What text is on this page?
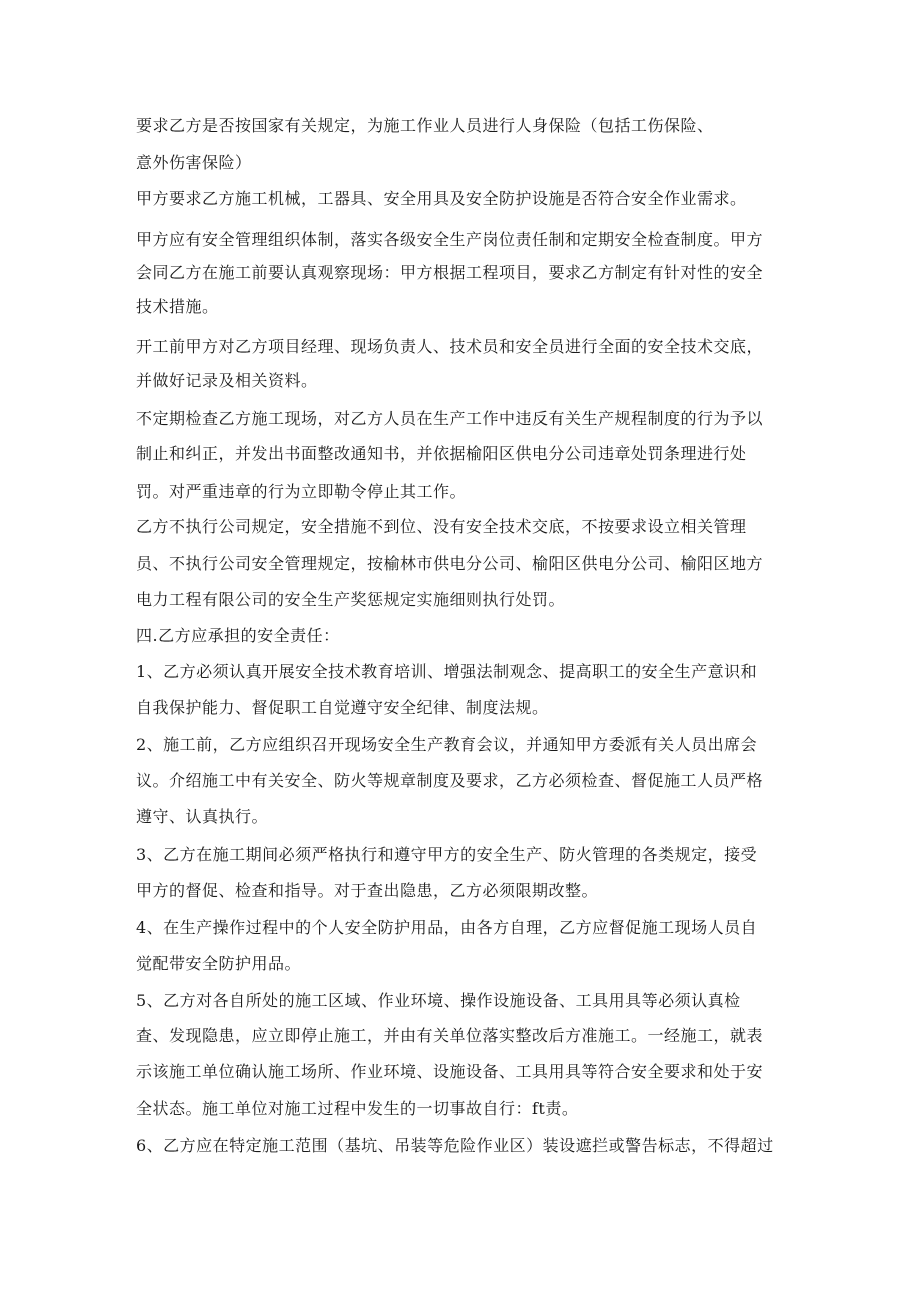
要求乙方是否按国家有关规定，为施工作业人员进行人身保险（包括工伤保险、
意外伤害保险）
甲方要求乙方施工机械，工器具、安全用具及安全防护设施是否符合安全作业需求。
甲方应有安全管理组织体制，落实各级安全生产岗位责任制和定期安全检查制度。甲方
会同乙方在施工前要认真观察现场：甲方根据工程项目，要求乙方制定有针对性的安全
技术措施。
开工前甲方对乙方项目经理、现场负责人、技术员和安全员进行全面的安全技术交底，
并做好记录及相关资料。
不定期检查乙方施工现场，对乙方人员在生产工作中违反有关生产规程制度的行为予以
制止和纠正，并发出书面整改通知书，并依据榆阳区供电分公司违章处罚条理进行处
罚。对严重违章的行为立即勒令停止其工作。
乙方不执行公司规定，安全措施不到位、没有安全技术交底，不按要求设立相关管理
员、不执行公司安全管理规定，按榆林市供电分公司、榆阳区供电分公司、榆阳区地方
电力工程有限公司的安全生产奖惩规定实施细则执行处罚。
四.乙方应承担的安全责任：
1、乙方必须认真开展安全技术教育培训、增强法制观念、提高职工的安全生产意识和
自我保护能力、督促职工自觉遵守安全纪律、制度法规。
2、施工前，乙方应组织召开现场安全生产教育会议，并通知甲方委派有关人员出席会
议。介绍施工中有关安全、防火等规章制度及要求，乙方必须检查、督促施工人员严格
遵守、认真执行。
3、乙方在施工期间必须严格执行和遵守甲方的安全生产、防火管理的各类规定，接受
甲方的督促、检查和指导。对于查出隐患，乙方必须限期改整。
4、在生产操作过程中的个人安全防护用品，由各方自理，乙方应督促施工现场人员自
觉配带安全防护用品。
5、乙方对各自所处的施工区域、作业环境、操作设施设备、工具用具等必须认真检
查、发现隐患，应立即停止施工，并由有关单位落实整改后方准施工。一经施工，就表
示该施工单位确认施工场所、作业环境、设施设备、工具用具等符合安全要求和处于安
全状态。施工单位对施工过程中发生的一切事故自行：ft责。
6、乙方应在特定施工范围（基坑、吊装等危险作业区）装设遮拦或警告标志，不得超过
